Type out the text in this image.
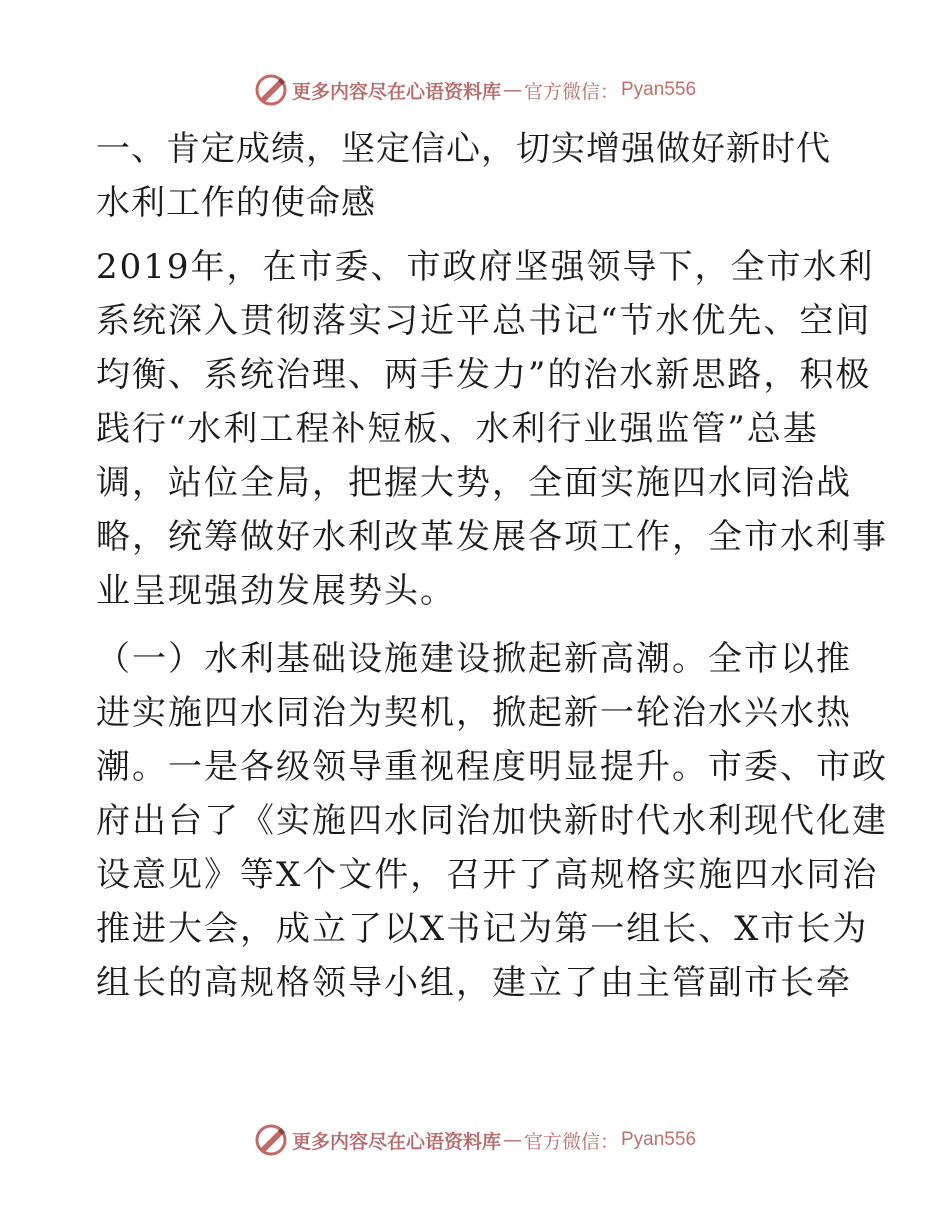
更多内容尽在心语资料库 — 官方微信： Pyan556
一、肯定成绩，坚定信心，切实增强做好新时代
水利工作的使命感
2019年，在市委、市政府坚强领导下，全市水利
系统深入贯彻落实习近平总书记“节水优先、空间
均衡、系统治理、两手发力”的治水新思路，积极
践行“水利工程补短板、水利行业强监管”总基
调，站位全局，把握大势，全面实施四水同治战
略，统筹做好水利改革发展各项工作，全市水利事
业呈现强劲发展势头。
（一）水利基础设施建设掀起新高潮。全市以推
进实施四水同治为契机，掀起新一轮治水兴水热
潮。一是各级领导重视程度明显提升。市委、市政
府出台了《实施四水同治加快新时代水利现代化建
设意见》等X个文件，召开了高规格实施四水同治
推进大会，成立了以X书记为第一组长、X市长为
组长的高规格领导小组，建立了由主管副市长牵
更多内容尽在心语资料库 — 官方微信： Pyan556
